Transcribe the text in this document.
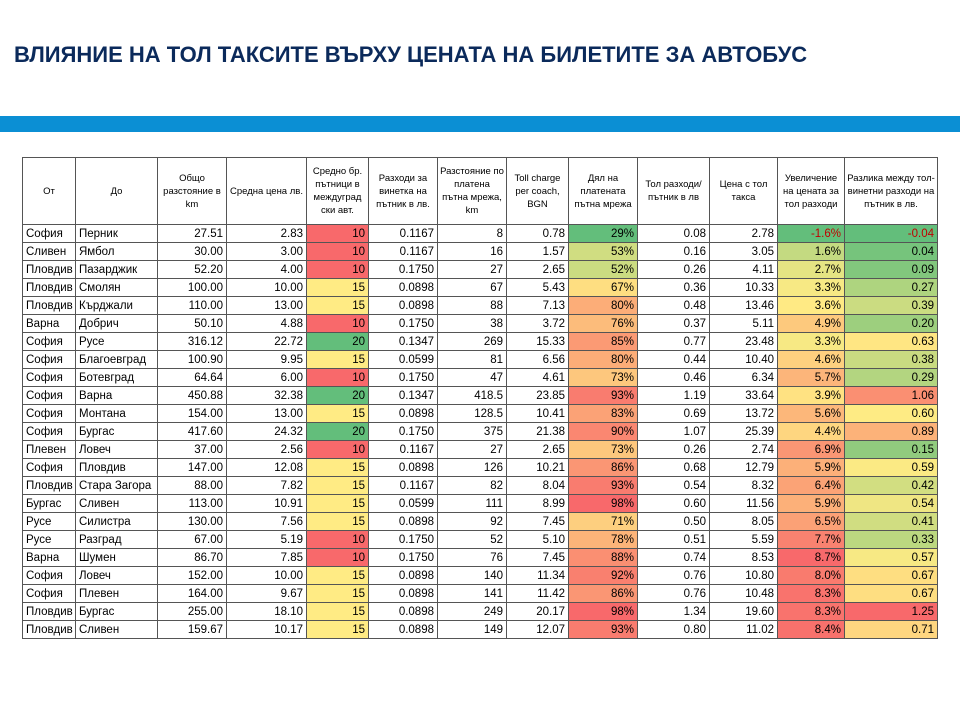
ВЛИЯНИЕ НА ТОЛ ТАКСИТЕ ВЪРХУ ЦЕНАТА НА БИЛЕТИТЕ ЗА АВТОБУС
От	До	Общо разстояние в km	Средна цена лв.	Средно бр. пътници в междуград ски авт.	Разходи за винетка на пътник в лв.	Разстояние по платена пътна мрежа, km	Toll charge per coach, BGN	Дял на платената пътна мрежа	Тол разходи/пътник в лв	Цена с тол такса	Увеличение на цената за тол разходи	Разлика между тол-винетни разходи на пътник в лв.
София	Перник	27.51	2.83	10	0.1167	8	0.78	29%	0.08	2.78	-1.6%	-0.04
Сливен	Ямбол	30.00	3.00	10	0.1167	16	1.57	53%	0.16	3.05	1.6%	0.04
Пловдив	Пазарджик	52.20	4.00	10	0.1750	27	2.65	52%	0.26	4.11	2.7%	0.09
Пловдив	Смолян	100.00	10.00	15	0.0898	67	5.43	67%	0.36	10.33	3.3%	0.27
Пловдив	Кърджали	110.00	13.00	15	0.0898	88	7.13	80%	0.48	13.46	3.6%	0.39
Варна	Добрич	50.10	4.88	10	0.1750	38	3.72	76%	0.37	5.11	4.9%	0.20
София	Русе	316.12	22.72	20	0.1347	269	15.33	85%	0.77	23.48	3.3%	0.63
София	Благоевград	100.90	9.95	15	0.0599	81	6.56	80%	0.44	10.40	4.6%	0.38
София	Ботевград	64.64	6.00	10	0.1750	47	4.61	73%	0.46	6.34	5.7%	0.29
София	Варна	450.88	32.38	20	0.1347	418.5	23.85	93%	1.19	33.64	3.9%	1.06
София	Монтана	154.00	13.00	15	0.0898	128.5	10.41	83%	0.69	13.72	5.6%	0.60
София	Бургас	417.60	24.32	20	0.1750	375	21.38	90%	1.07	25.39	4.4%	0.89
Плевен	Ловеч	37.00	2.56	10	0.1167	27	2.65	73%	0.26	2.74	6.9%	0.15
София	Пловдив	147.00	12.08	15	0.0898	126	10.21	86%	0.68	12.79	5.9%	0.59
Пловдив	Стара Загора	88.00	7.82	15	0.1167	82	8.04	93%	0.54	8.32	6.4%	0.42
Бургас	Сливен	113.00	10.91	15	0.0599	111	8.99	98%	0.60	11.56	5.9%	0.54
Русе	Силистра	130.00	7.56	15	0.0898	92	7.45	71%	0.50	8.05	6.5%	0.41
Русе	Разград	67.00	5.19	10	0.1750	52	5.10	78%	0.51	5.59	7.7%	0.33
Варна	Шумен	86.70	7.85	10	0.1750	76	7.45	88%	0.74	8.53	8.7%	0.57
София	Ловеч	152.00	10.00	15	0.0898	140	11.34	92%	0.76	10.80	8.0%	0.67
София	Плевен	164.00	9.67	15	0.0898	141	11.42	86%	0.76	10.48	8.3%	0.67
Пловдив	Бургас	255.00	18.10	15	0.0898	249	20.17	98%	1.34	19.60	8.3%	1.25
Пловдив	Сливен	159.67	10.17	15	0.0898	149	12.07	93%	0.80	11.02	8.4%	0.71
